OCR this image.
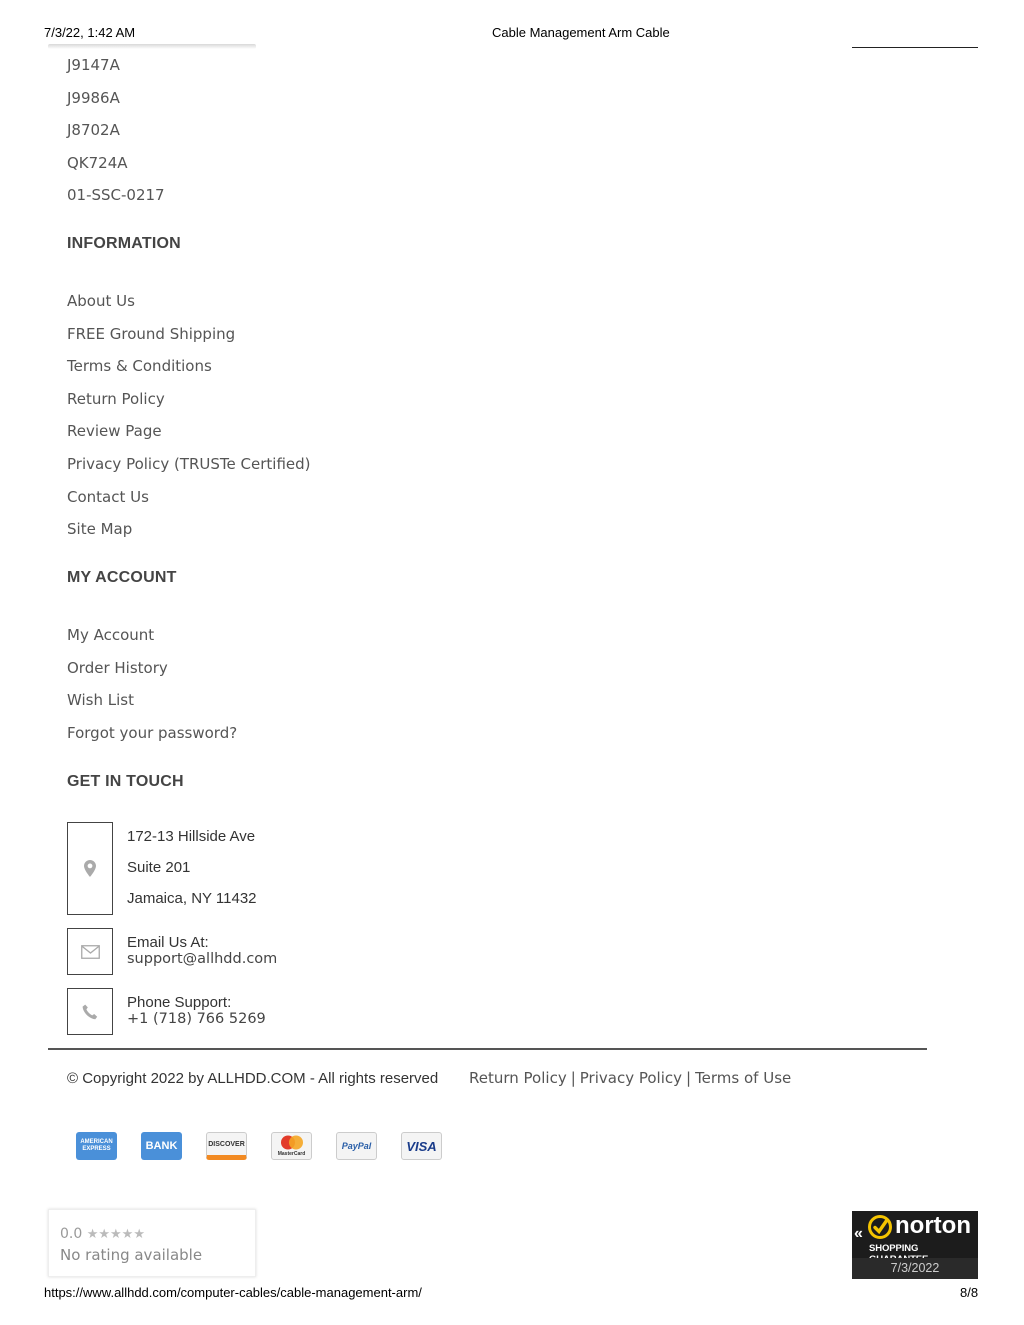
7/3/22, 1:42 AM	Cable Management Arm Cable
J9147A
J9986A
J8702A
QK724A
01-SSC-0217
INFORMATION
About Us
FREE Ground Shipping
Terms & Conditions
Return Policy
Review Page
Privacy Policy (TRUSTe Certified)
Contact Us
Site Map
MY ACCOUNT
My Account
Order History
Wish List
Forgot your password?
GET IN TOUCH
172-13 Hillside Ave
Suite 201
Jamaica, NY 11432
Email Us At:
support@allhdd.com
Phone Support:
+1 (718) 766 5269
© Copyright 2022 by ALLHDD.COM - All rights reserved Return Policy | Privacy Policy | Terms of Use
AMERICAN EXPRESS	BANK	DISCOVER
MasterCard
PayPal	VISA
0.0 ★★★★★
No rating available
« norton
SHOPPING
7/3/2022
https://www.allhdd.com/computer-cables/cable-management-arm/	8/8
